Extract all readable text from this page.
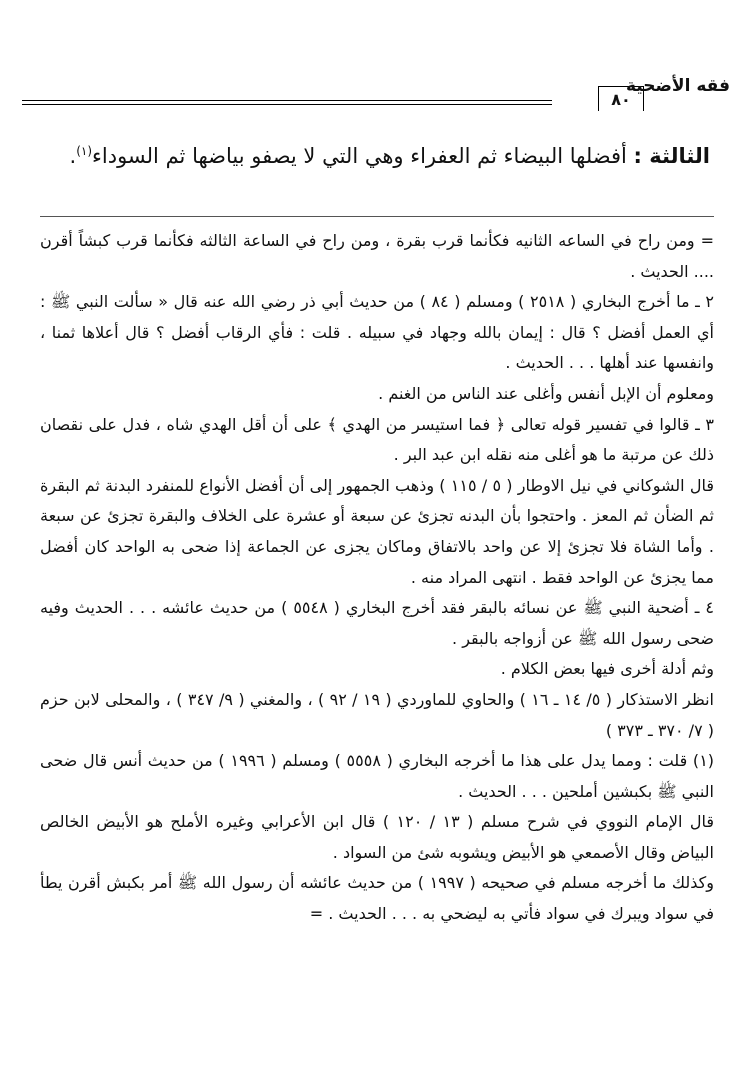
٨٠
فقه الأضحية
الثالثة : أفضلها البيضاء ثم العفراء وهي التي لا يصفو بياضها ثم السوداء$^{(١)}$.

= ومن راح في الساعه الثانيه فكأنما قرب بقرة ، ومن راح في الساعة الثالثه فكأنما قرب كبشاً أقرن .... الحديث .

٢ ـ ما أخرج البخاري ( ٢٥١٨ ) ومسلم ( ٨٤ ) من حديث أبي ذر رضي الله عنه قال « سألت النبي ﷺ : أي العمل أفضل ؟ قال : إيمان بالله وجهاد في سبيله . قلت : فأي الرقاب أفضل ؟ قال أعلاها ثمنا ، وانفسها عند أهلها . . . الحديث .

ومعلوم أن الإبل أنفس وأغلى عند الناس من الغنم .

٣ ـ قالوا في تفسير قوله تعالى ﴿ فما استيسر من الهدي ﴾ على أن أقل الهدي شاه ، فدل على نقصان ذلك عن مرتبة ما هو أغلى منه نقله ابن عبد البر .

قال الشوكاني في نيل الاوطار ( ٥ / ١١٥ ) وذهب الجمهور إلى أن أفضل الأنواع للمنفرد البدنة ثم البقرة ثم الضأن ثم المعز . واحتجوا بأن البدنه تجزئ عن سبعة أو عشرة على الخلاف والبقرة تجزئ عن سبعة . وأما الشاة فلا تجزئ إلا عن واحد بالاتفاق وماكان يجزى عن الجماعة إذا ضحى به الواحد كان أفضل مما يجزئ عن الواحد فقط . انتهى المراد منه .

٤ ـ أضحية النبي ﷺ عن نسائه بالبقر فقد أخرج البخاري ( ٥٥٤٨ ) من حديث عائشه . . . الحديث وفيه ضحى رسول الله ﷺ عن أزواجه بالبقر .

وثم أدلة أخرى فيها بعض الكلام .

انظر الاستذكار ( ٥/ ١٤ ـ ١٦ ) والحاوي للماوردي ( ١٩ / ٩٢ ) ، والمغني ( ٩/ ٣٤٧ ) ، والمحلى لابن حزم ( ٧/ ٣٧٠ ـ ٣٧٣ )

(١) قلت : ومما يدل على هذا ما أخرجه البخاري ( ٥٥٥٨ ) ومسلم ( ١٩٩٦ ) من حديث أنس قال ضحى النبي ﷺ بكبشين أملحين . . . الحديث .

قال الإمام النووي في شرح مسلم ( ١٣ / ١٢٠ ) قال ابن الأعرابي وغيره الأملح هو الأبيض الخالص البياض وقال الأصمعي هو الأبيض ويشوبه شئ من السواد .

وكذلك ما أخرجه مسلم في صحيحه ( ١٩٩٧ ) من حديث عائشه أن رسول الله ﷺ أمر بكبش أقرن يطأ في سواد ويبرك في سواد فأتي به ليضحي به . . . الحديث . =
